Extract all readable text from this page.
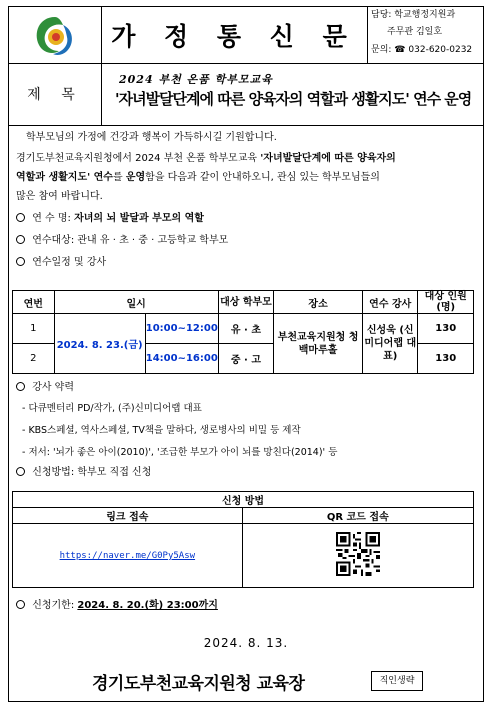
가 정 통 신 문
담당: 학교행정지원과
주무관 김일호
문의: ☎ 032-620-0232
제 목
2024 부천 온품 학부모교육
'자녀발달단계에 따른 양육자의 역할과 생활지도' 연수 운영
학부모님의 가정에 건강과 행복이 가득하시길 기원합니다.
경기도부천교육지원청에서 2024 부천 온품 학부모교육 '자녀발달단계에 따른 양육자의
역할과 생활지도' 연수를 운영함을 다음과 같이 안내하오니, 관심 있는 학부모님들의
많은 참여 바랍니다.
연 수 명: 자녀의 뇌 발달과 부모의 역할
연수대상: 관내 유 · 초 · 중 · 고등학교 학부모
연수일정 및 강사
연번	일시		대상 학부모	장소	연수 강사	대상 인원(명)
1	2024. 8. 23.(금)	10:00~12:00	유 · 초	부천교육지원청 청백마루홀	신성욱 (신미디어랩 대표)	130
2		14:00~16:00	중 · 고			130
강사 약력
- 다큐멘터리 PD/작가, (주)신미디어랩 대표
- KBS스페셜, 역사스페셜, TV책을 말하다, 생로병사의 비밀 등 제작
- 저서: '뇌가 좋은 아이(2010)', '조급한 부모가 아이 뇌를 망친다(2014)' 등
신청방법: 학부모 직접 신청
신청 방법	
링크 접속	QR 코드 접속
https://naver.me/G0Py5Asw	
신청기한: 2024. 8. 20.(화) 23:00까지
2024. 8. 13.
경기도부천교육지원청 교육장	직인생략
